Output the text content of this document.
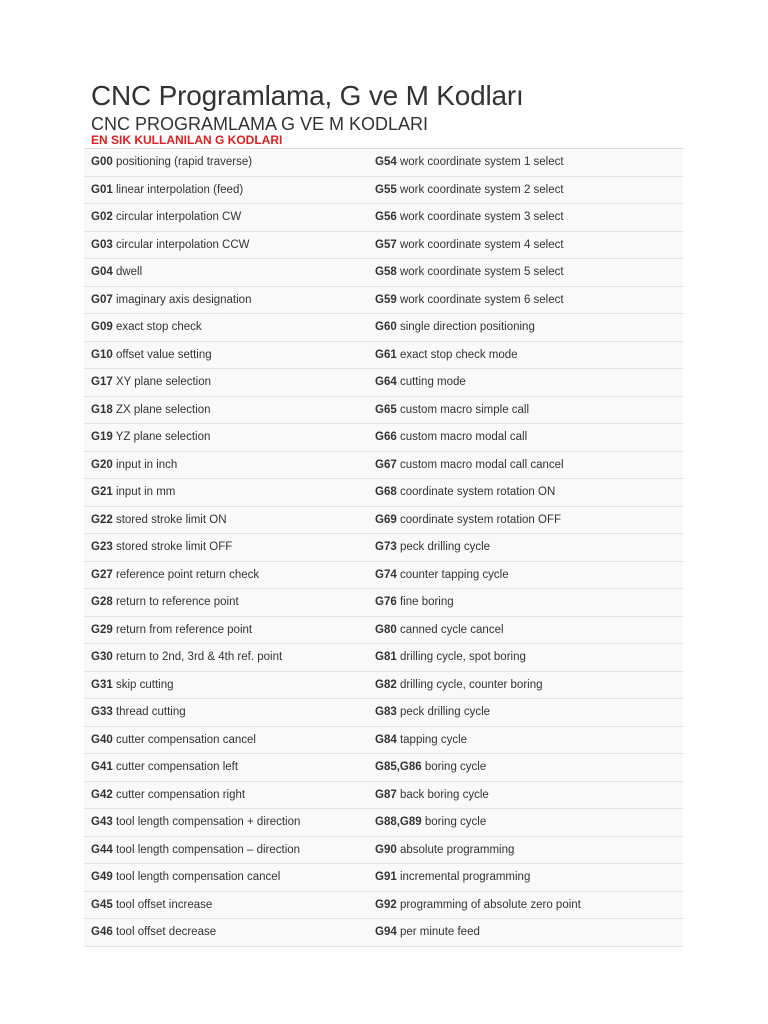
CNC Programlama, G ve M Kodları
CNC PROGRAMLAMA G VE M KODLARI
EN SIK KULLANILAN G KODLARI
G00 positioning (rapid traverse)	G54 work coordinate system 1 select
G01 linear interpolation (feed)	G55 work coordinate system 2 select
G02 circular interpolation CW	G56 work coordinate system 3 select
G03 circular interpolation CCW	G57 work coordinate system 4 select
G04 dwell	G58 work coordinate system 5 select
G07 imaginary axis designation	G59 work coordinate system 6 select
G09 exact stop check	G60 single direction positioning
G10 offset value setting	G61 exact stop check mode
G17 XY plane selection	G64 cutting mode
G18 ZX plane selection	G65 custom macro simple call
G19 YZ plane selection	G66 custom macro modal call
G20 input in inch	G67 custom macro modal call cancel
G21 input in mm	G68 coordinate system rotation ON
G22 stored stroke limit ON	G69 coordinate system rotation OFF
G23 stored stroke limit OFF	G73 peck drilling cycle
G27 reference point return check	G74 counter tapping cycle
G28 return to reference point	G76 fine boring
G29 return from reference point	G80 canned cycle cancel
G30 return to 2nd, 3rd & 4th ref. point	G81 drilling cycle, spot boring
G31 skip cutting	G82 drilling cycle, counter boring
G33 thread cutting	G83 peck drilling cycle
G40 cutter compensation cancel	G84 tapping cycle
G41 cutter compensation left	G85,G86 boring cycle
G42 cutter compensation right	G87 back boring cycle
G43 tool length compensation + direction	G88,G89 boring cycle
G44 tool length compensation – direction	G90 absolute programming
G49 tool length compensation cancel	G91 incremental programming
G45 tool offset increase	G92 programming of absolute zero point
G46 tool offset decrease	G94 per minute feed
